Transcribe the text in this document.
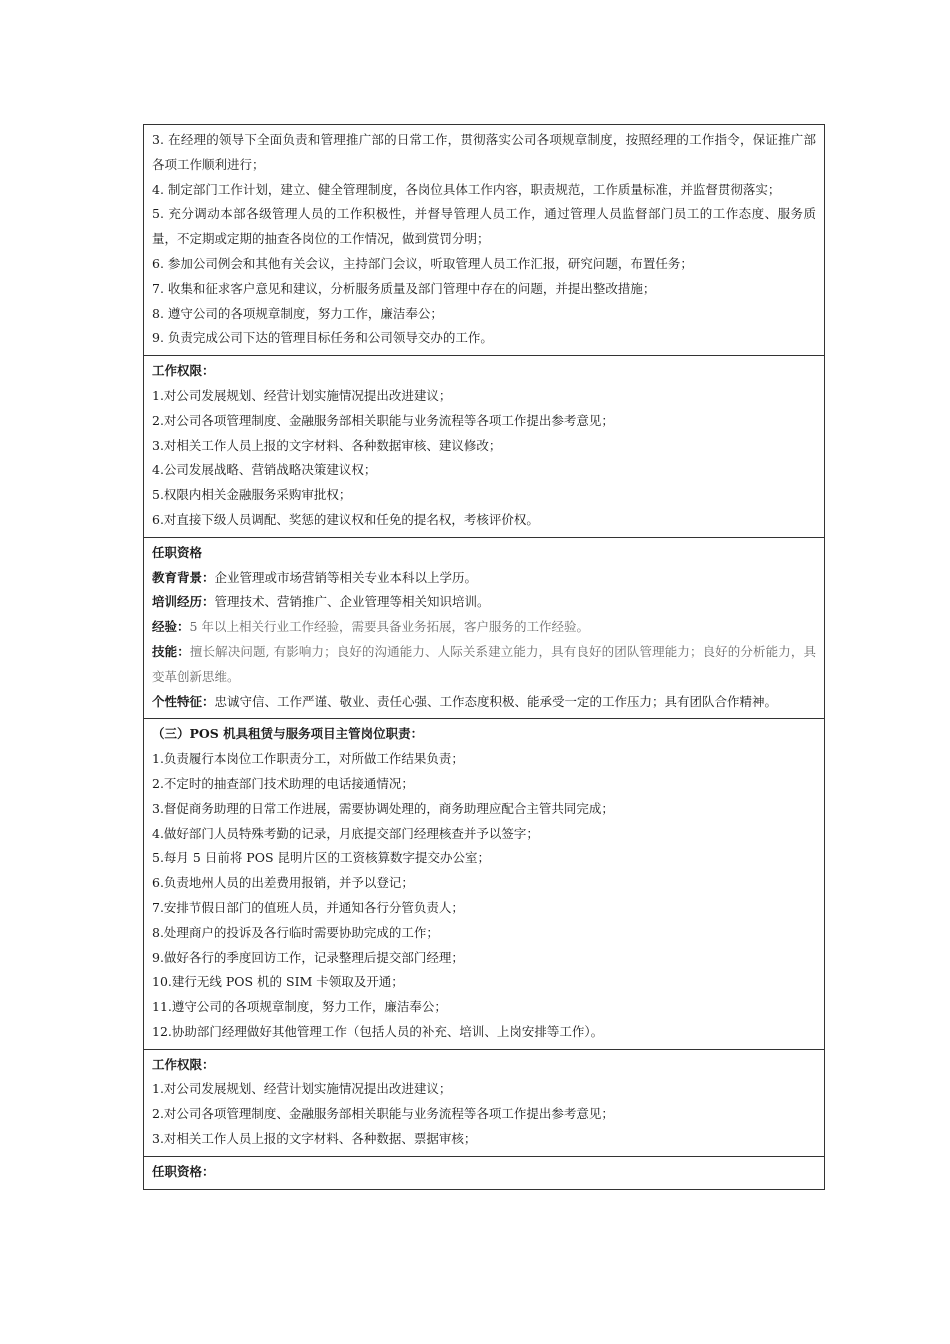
3. 在经理的领导下全面负责和管理推广部的日常工作，贯彻落实公司各项规章制度，按照经理的工作指令，保证推广部各项工作顺利进行；
4. 制定部门工作计划，建立、健全管理制度，各岗位具体工作内容，职责规范，工作质量标准，并监督贯彻落实；
5. 充分调动本部各级管理人员的工作积极性，并督导管理人员工作，通过管理人员监督部门员工的工作态度、服务质量，不定期或定期的抽查各岗位的工作情况，做到赏罚分明；
6. 参加公司例会和其他有关会议，主持部门会议，听取管理人员工作汇报，研究问题，布置任务；
7. 收集和征求客户意见和建议，分析服务质量及部门管理中存在的问题，并提出整改措施；
8. 遵守公司的各项规章制度，努力工作，廉洁奉公；
9. 负责完成公司下达的管理目标任务和公司领导交办的工作。

工作权限：
1.对公司发展规划、经营计划实施情况提出改进建议；
2.对公司各项管理制度、金融服务部相关职能与业务流程等各项工作提出参考意见；
3.对相关工作人员上报的文字材料、各种数据审核、建议修改；
4.公司发展战略、营销战略决策建议权；
5.权限内相关金融服务采购审批权；
6.对直接下级人员调配、奖惩的建议权和任免的提名权，考核评价权。

任职资格
教育背景：企业管理或市场营销等相关专业本科以上学历。
培训经历：管理技术、营销推广、企业管理等相关知识培训。
经验：5 年以上相关行业工作经验，需要具备业务拓展，客户服务的工作经验。
技能：擅长解决问题, 有影响力；良好的沟通能力、人际关系建立能力，具有良好的团队管理能力；良好的分析能力，具变革创新思维。
个性特征：忠诚守信、工作严谨、敬业、责任心强、工作态度积极、能承受一定的工作压力；具有团队合作精神。

（三）POS 机具租赁与服务项目主管岗位职责：
1.负责履行本岗位工作职责分工，对所做工作结果负责；
2.不定时的抽查部门技术助理的电话接通情况；
3.督促商务助理的日常工作进展，需要协调处理的，商务助理应配合主管共同完成；
4.做好部门人员特殊考勤的记录，月底提交部门经理核查并予以签字；
5.每月 5 日前将 POS 昆明片区的工资核算数字提交办公室；
6.负责地州人员的出差费用报销，并予以登记；
7.安排节假日部门的值班人员，并通知各行分管负责人；
8.处理商户的投诉及各行临时需要协助完成的工作；
9.做好各行的季度回访工作，记录整理后提交部门经理；
10.建行无线 POS 机的 SIM 卡领取及开通；
11.遵守公司的各项规章制度，努力工作，廉洁奉公；
12.协助部门经理做好其他管理工作（包括人员的补充、培训、上岗安排等工作）。

工作权限：
1.对公司发展规划、经营计划实施情况提出改进建议；
2.对公司各项管理制度、金融服务部相关职能与业务流程等各项工作提出参考意见；
3.对相关工作人员上报的文字材料、各种数据、票据审核；

任职资格：
